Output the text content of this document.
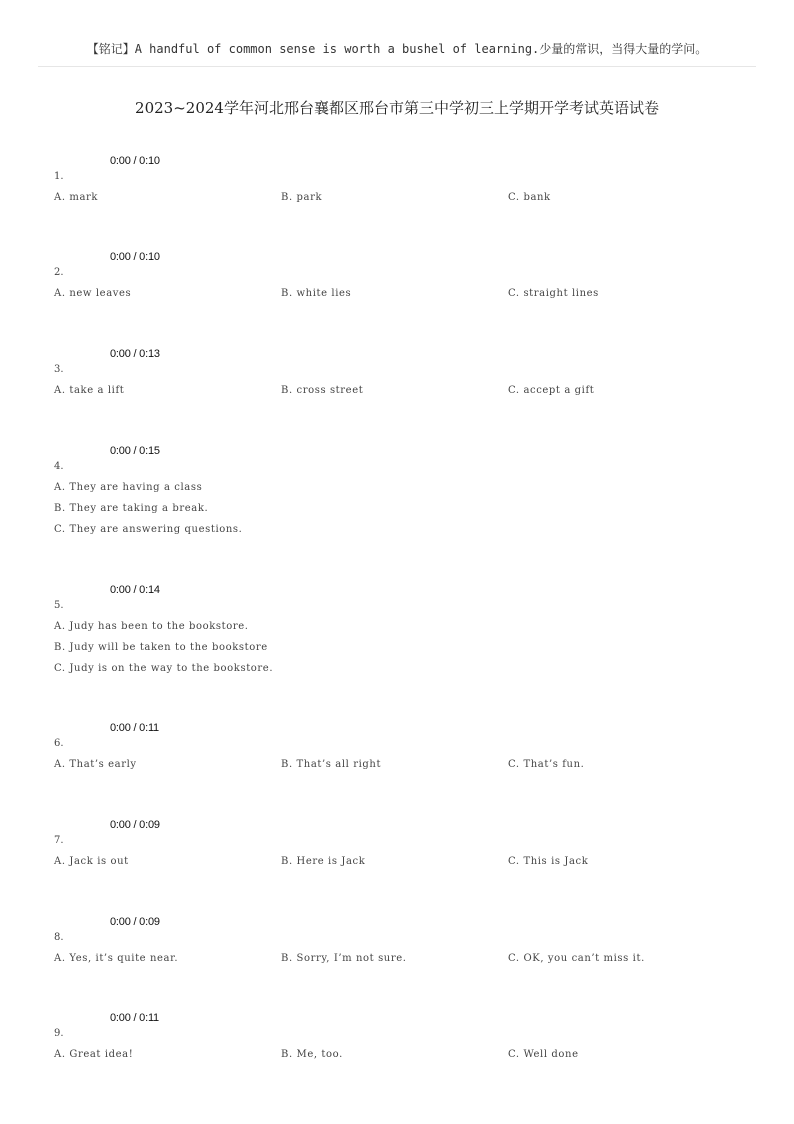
【铭记】A handful of common sense is worth a bushel of learning.少量的常识，当得大量的学问。
2023~2024学年河北邢台襄都区邢台市第三中学初三上学期开学考试英语试卷
0:00 / 0:10
1.
A. mark	B. park	C. bank
0:00 / 0:10
2.
A. new leaves	B. white lies	C. straight lines
0:00 / 0:13
3.
A. take a lift	B. cross street	C. accept a gift
0:00 / 0:15
4.
A. They are having a class
B. They are taking a break.
C. They are answering questions.
0:00 / 0:14
5.
A. Judy has been to the bookstore.
B. Judy will be taken to the bookstore
C. Judy is on the way to the bookstore.
0:00 / 0:11
6.
A. That’s early	B. That’s all right	C. That’s fun.
0:00 / 0:09
7.
A. Jack is out	B. Here is Jack	C. This is Jack
0:00 / 0:09
8.
A. Yes, it’s quite near.	B. Sorry, I’m not sure.	C. OK, you can’t miss it.
0:00 / 0:11
9.
A. Great idea!	B. Me, too.	C. Well done
